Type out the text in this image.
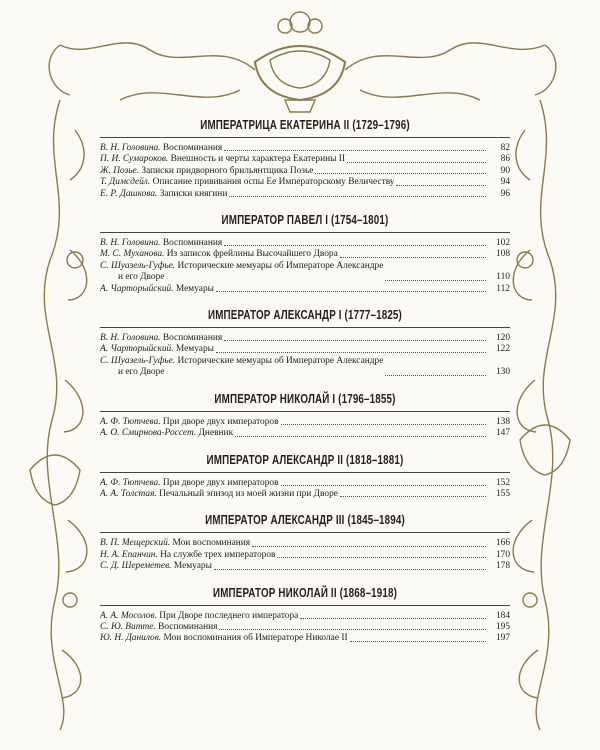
ИМПЕРАТРИЦА ЕКАТЕРИНА II (1729–1796)
В. Н. Головина. Воспоминания	82
П. И. Сумароков. Внешность и черты характера Екатерины II	86
Ж. Позье. Записки придворного брильянтщика Позье	90
Т. Димсдейл. Описание прививания оспы Ее Императорскому Величеству	94
Е. Р. Дашкова. Записки княгини	96
ИМПЕРАТОР ПАВЕЛ I (1754–1801)
В. Н. Головина. Воспоминания	102
М. С. Муханова. Из записок фрейлины Высочайшего Двора	108
С. Шуазель-Гуфье. Исторические мемуары об Императоре Александре
и его Дворе	110
А. Чарторыйский. Мемуары	112
ИМПЕРАТОР АЛЕКСАНДР I (1777–1825)
В. Н. Головина. Воспоминания	120
А. Чарторыйский. Мемуары	122
С. Шуазель-Гуфье. Исторические мемуары об Императоре Александре
и его Дворе	130
ИМПЕРАТОР НИКОЛАЙ I (1796–1855)
А. Ф. Тютчева. При дворе двух императоров	138
А. О. Смирнова-Россет. Дневник	147
ИМПЕРАТОР АЛЕКСАНДР II (1818–1881)
А. Ф. Тютчева. При дворе двух императоров	152
А. А. Толстая. Печальный эпизод из моей жизни при Дворе	155
ИМПЕРАТОР АЛЕКСАНДР III (1845–1894)
В. П. Мещерский. Мои воспоминания	166
Н. А. Епанчин. На службе трех императоров	170
С. Д. Шереметев. Мемуары	178
ИМПЕРАТОР НИКОЛАЙ II (1868–1918)
А. А. Мосолов. При Дворе последнего императора	184
С. Ю. Витте. Воспоминания	195
Ю. Н. Данилов. Мои воспоминания об Императоре Николае II	197
